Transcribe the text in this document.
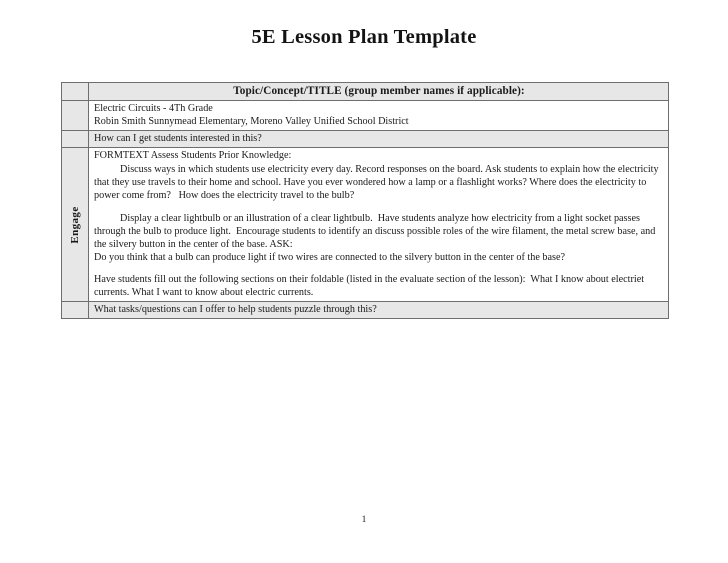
5E Lesson Plan Template
	Topic/Concept/TITLE (group member names if applicable):

	Electric Circuits - 4Th Grade
Robin Smith Sunnymead Elementary, Moreno Valley Unified School District

	How can I get students interested in this?

Engage	FORMTEXT Assess Students Prior Knowledge:

Discuss ways in which students use electricity every day. Record responses on the board. Ask students to explain how the electricity that they use travels to their home and school. Have you ever wondered how a lamp or a flashlight works? Where does the electricity to power come from?   How does the electricity travel to the bulb?

Display a clear lightbulb or an illustration of a clear lightbulb.  Have students analyze how electricity from a light socket passes through the bulb to produce light.  Encourage students to identify an discuss possible roles of the wire filament, the metal screw base, and the silvery button in the center of the base. ASK:

Do you think that a bulb can produce light if two wires are connected to the silvery button in the center of the base?

Have students fill out the following sections on their foldable (listed in the evaluate section of the lesson):  What I know about electriet currents. What I want to know about electric currents.

	What tasks/questions can I offer to help students puzzle through this?
1
